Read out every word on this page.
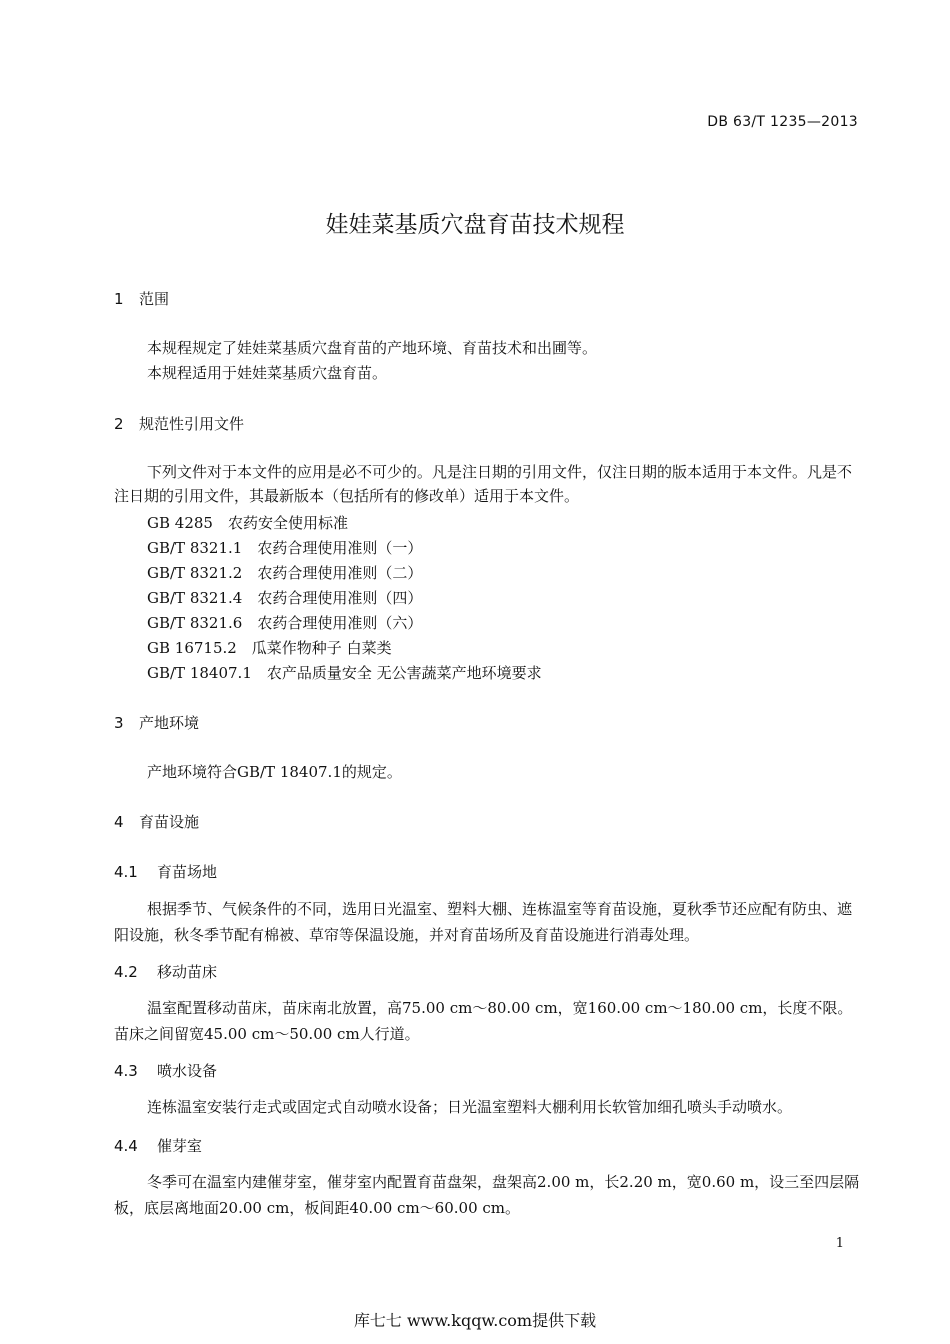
DB 63/T 1235—2013
娃娃菜基质穴盘育苗技术规程
1 范围
本规程规定了娃娃菜基质穴盘育苗的产地环境、育苗技术和出圃等。
本规程适用于娃娃菜基质穴盘育苗。
2 规范性引用文件
下列文件对于本文件的应用是必不可少的。凡是注日期的引用文件，仅注日期的版本适用于本文件。凡是不注日期的引用文件，其最新版本（包括所有的修改单）适用于本文件。
GB 4285　农药安全使用标准
GB/T 8321.1　农药合理使用准则（一）
GB/T 8321.2　农药合理使用准则（二）
GB/T 8321.4　农药合理使用准则（四）
GB/T 8321.6　农药合理使用准则（六）
GB 16715.2　瓜菜作物种子 白菜类
GB/T 18407.1　农产品质量安全 无公害蔬菜产地环境要求
3 产地环境
产地环境符合GB/T 18407.1的规定。
4 育苗设施
4.1 育苗场地
根据季节、气候条件的不同，选用日光温室、塑料大棚、连栋温室等育苗设施，夏秋季节还应配有防虫、遮阳设施，秋冬季节配有棉被、草帘等保温设施，并对育苗场所及育苗设施进行消毒处理。
4.2 移动苗床
温室配置移动苗床，苗床南北放置，高75.00 cm～80.00 cm，宽160.00 cm～180.00 cm，长度不限。苗床之间留宽45.00 cm～50.00 cm人行道。
4.3 喷水设备
连栋温室安装行走式或固定式自动喷水设备；日光温室塑料大棚利用长软管加细孔喷头手动喷水。
4.4 催芽室
冬季可在温室内建催芽室，催芽室内配置育苗盘架，盘架高2.00 m，长2.20 m，宽0.60 m，设三至四层隔板，底层离地面20.00 cm，板间距40.00 cm～60.00 cm。
1
库七七 www.kqqw.com提供下载
